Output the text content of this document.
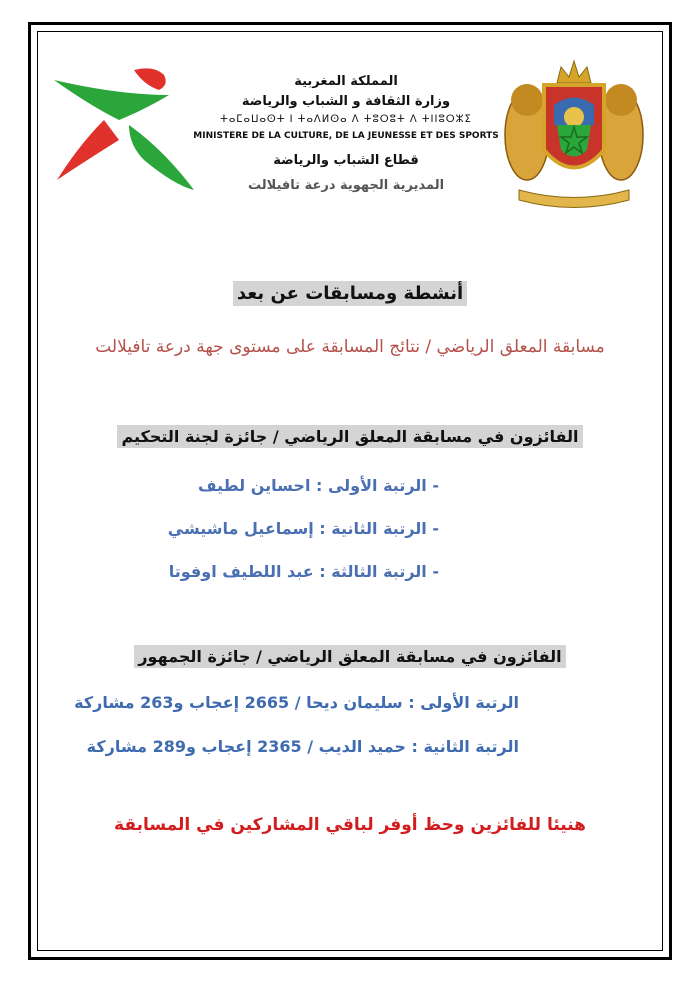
المملكة المغربية
وزارة الثقافة و الشباب والرياضة
ⵜⴰⵎⴰⵡⴰⵙⵜ ⵏ ⵜⴰⴷⵍⵙⴰ ⴷ ⵜⵓⵔⵓⵜ ⴷ ⵜⵏⵏⵓⵔⵣⵉ
MINISTERE DE LA CULTURE, DE LA JEUNESSE ET DES SPORTS
قطاع الشباب والرياضة
المديرية الجهوية درعة تافيلالت
أنشطة ومسابقات عن بعد
مسابقة المعلق الرياضي / نتائج المسابقة على مستوى جهة درعة تافيلالت
الفائزون في مسابقة المعلق الرياضي / جائزة لجنة التحكيم
- الرتبة الأولى : احساين لطيف
- الرتبة الثانية : إسماعيل ماشيشي
- الرتبة الثالثة : عبد اللطيف اوفوتا
الفائزون في مسابقة المعلق الرياضي / جائزة الجمهور
الرتبة الأولى : سليمان ديحا / 2665 إعجاب و263 مشاركة
الرتبة الثانية : حميد الديب / 2365 إعجاب و289 مشاركة
هنيئا للفائزين وحظ أوفر لباقي المشاركين في المسابقة
